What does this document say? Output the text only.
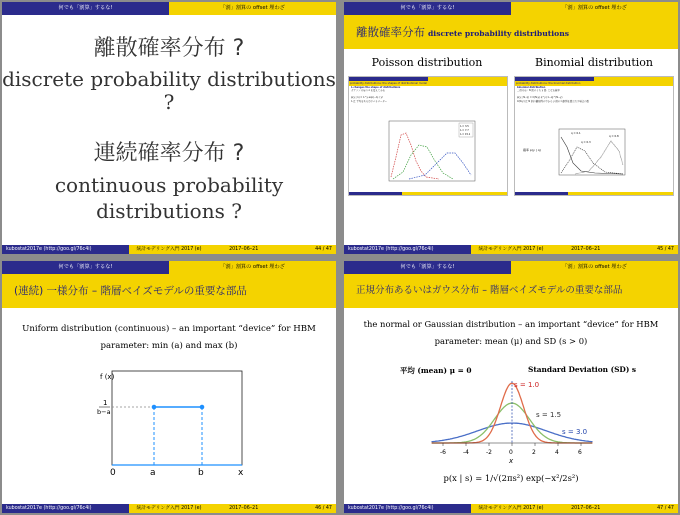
何でも「割算」するな!	「割」割算の offset 埋わざ
離散確率分布 ?
discrete probability distributions ?
連続確率分布 ?
continuous probability
distributions ?
kubostat2017e (http://goo.gl/76c4i)	統計モデリング入門 2017 (e)	2017–06–21	44 / 47
何でも「割算」するな!	「割」割算の offset 埋わざ
離散確率分布 discrete probability distributions
Poisson distribution	Binomial distribution
probability distributions: the shapes of distributional model
λ changes the shape of distributions
ポアソン分布の λ を変えてみる
p(y | λ) = λ^y exp(−λ) / y!
λ は 平均をあらわすパラメーター
λ = 3.5
λ = 7.7
λ = 15.1
probability distributions: the binomial distribution
binomial distribution
二項分布 : N 回のうち y 回, となる確率
p(y | N, q) = C(N,y) q^y (1−q)^(N−y)
C(N,y) は N 個の観察例の中から y 個の当事例を選びだす場合の数
確率 p(y | q)
q = 0.1
q = 0.3
q = 0.8
kubostat2017e (http://goo.gl/76c4i)	統計モデリング入門 2017 (e)	2017–06–21	45 / 47
何でも「割算」するな!	「割」割算の offset 埋わざ
(連続) 一様分布 – 階層ベイズモデルの重要な部品
Uniform distribution (continuous) – an important “device” for HBM
parameter: min (a) and max (b)
f (x)
1
b−a
0	a	b	x
kubostat2017e (http://goo.gl/76c4i)	統計モデリング入門 2017 (e)	2017–06–21	46 / 47
何でも「割算」するな!	「割」割算の offset 埋わざ
正規分布あるいはガウス分布 – 階層ベイズモデルの重要な部品
the normal or Gaussian distribution – an important “device” for HBM
parameter: mean (μ) and SD (s > 0)
平均 (mean) μ = 0	Standard Deviation (SD) s
-6	-4	-2	0	2	4	6
s = 1.0
s = 1.5
s = 3.0
x
p(x | s) = 1/√(2πs²) exp(−x²/2s²)
kubostat2017e (http://goo.gl/76c4i)	統計モデリング入門 2017 (e)	2017–06–21	47 / 47
